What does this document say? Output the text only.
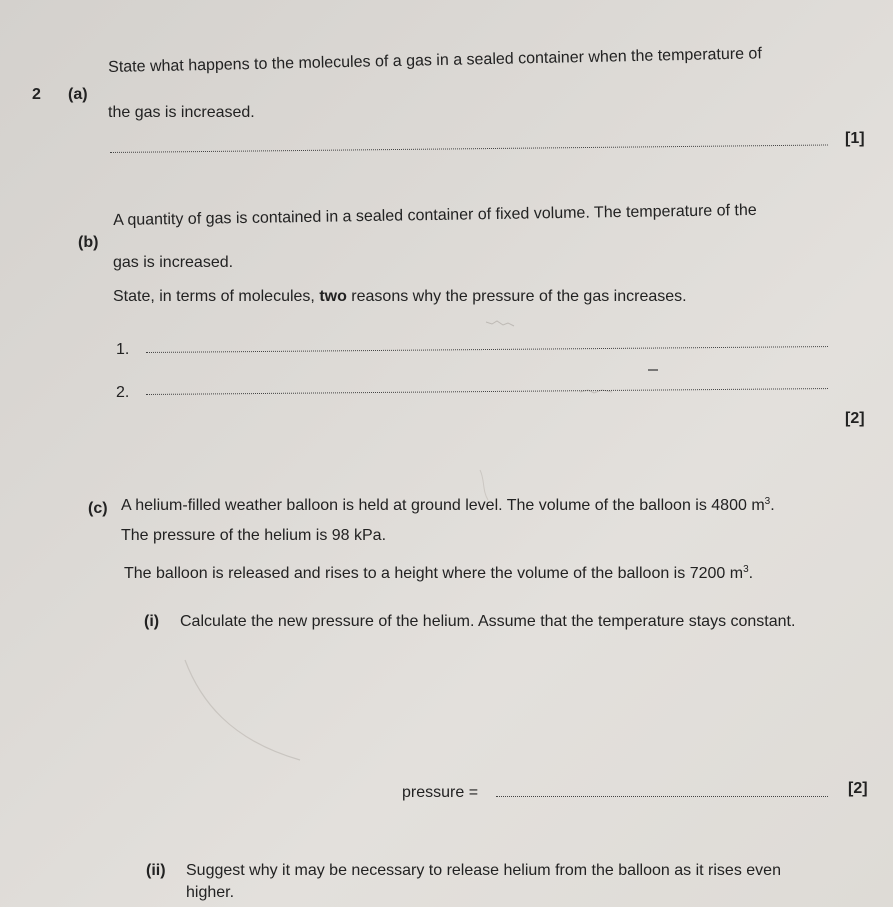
2 (a)
State what happens to the molecules of a gas in a sealed container when the temperature of
the gas is increased.
[1]
(b)
A quantity of gas is contained in a sealed container of fixed volume. The temperature of the
gas is increased.
State, in terms of molecules, two reasons why the pressure of the gas increases.
1.
2.
[2]
(c) A helium-filled weather balloon is held at ground level. The volume of the balloon is 4800 $m^3$.
The pressure of the helium is 98 kPa.
The balloon is released and rises to a height where the volume of the balloon is 7200 $m^3$.
(i) Calculate the new pressure of the helium. Assume that the temperature stays constant.
pressure =	[2]
(ii) Suggest why it may be necessary to release helium from the balloon as it rises even
higher.
